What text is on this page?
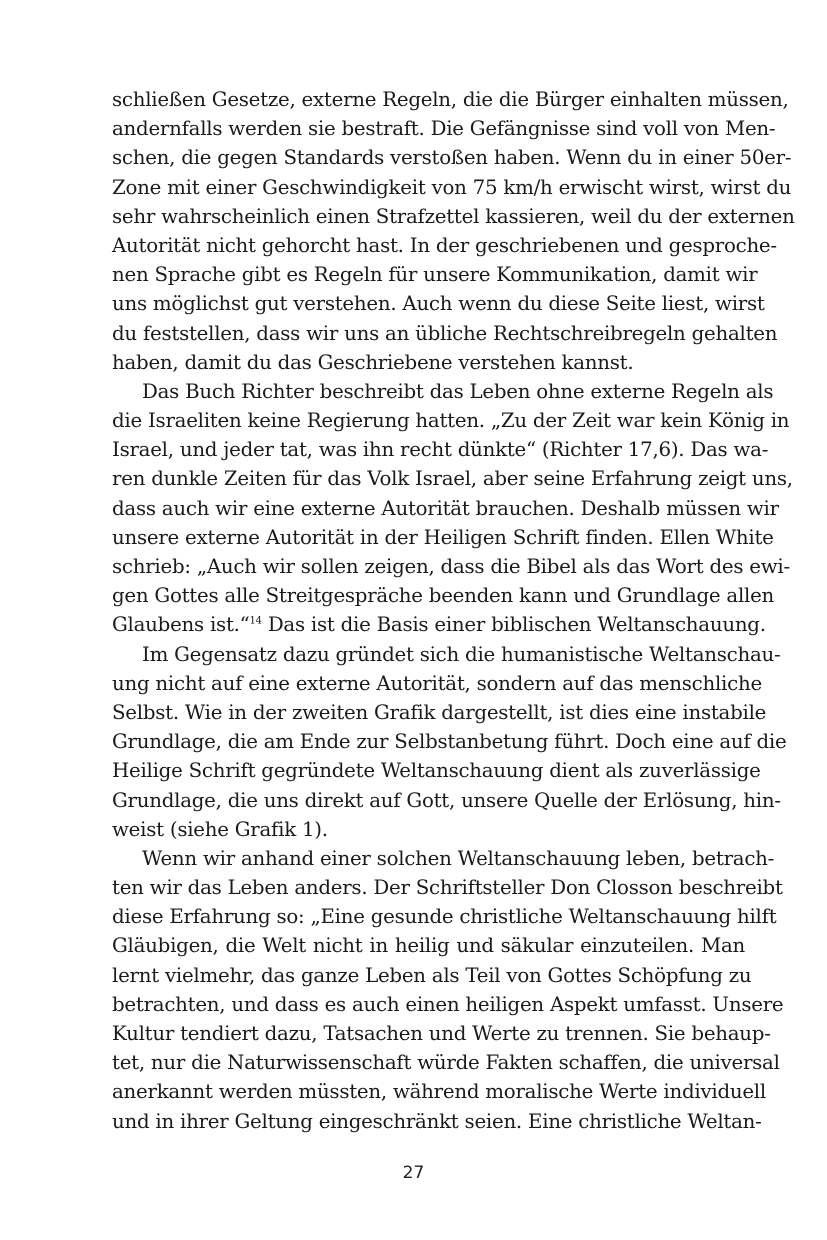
schließen Gesetze, externe Regeln, die die Bürger einhalten müssen,
andernfalls werden sie bestraft. Die Gefängnisse sind voll von Men-
schen, die gegen Standards verstoßen haben. Wenn du in einer 50er-
Zone mit einer Geschwindigkeit von 75 km/h erwischt wirst, wirst du
sehr wahrscheinlich einen Strafzettel kassieren, weil du der externen
Autorität nicht gehorcht hast. In der geschriebenen und gesproche-
nen Sprache gibt es Regeln für unsere Kommunikation, damit wir
uns möglichst gut verstehen. Auch wenn du diese Seite liest, wirst
du feststellen, dass wir uns an übliche Rechtschreibregeln gehalten
haben, damit du das Geschriebene verstehen kannst.
Das Buch Richter beschreibt das Leben ohne externe Regeln als
die Israeliten keine Regierung hatten. „Zu der Zeit war kein König in
Israel, und jeder tat, was ihn recht dünkte“ (Richter 17,6). Das wa-
ren dunkle Zeiten für das Volk Israel, aber seine Erfahrung zeigt uns,
dass auch wir eine externe Autorität brauchen. Deshalb müssen wir
unsere externe Autorität in der Heiligen Schrift finden. Ellen White
schrieb: „Auch wir sollen zeigen, dass die Bibel als das Wort des ewi-
gen Gottes alle Streitgespräche beenden kann und Grundlage allen
Glaubens ist.“$^{14}$ Das ist die Basis einer biblischen Weltanschauung.
Im Gegensatz dazu gründet sich die humanistische Weltanschau-
ung nicht auf eine externe Autorität, sondern auf das menschliche
Selbst. Wie in der zweiten Grafik dargestellt, ist dies eine instabile
Grundlage, die am Ende zur Selbstanbetung führt. Doch eine auf die
Heilige Schrift gegründete Weltanschauung dient als zuverlässige
Grundlage, die uns direkt auf Gott, unsere Quelle der Erlösung, hin-
weist (siehe Grafik 1).
Wenn wir anhand einer solchen Weltanschauung leben, betrach-
ten wir das Leben anders. Der Schriftsteller Don Closson beschreibt
diese Erfahrung so: „Eine gesunde christliche Weltanschauung hilft
Gläubigen, die Welt nicht in heilig und säkular einzuteilen. Man
lernt vielmehr, das ganze Leben als Teil von Gottes Schöpfung zu
betrachten, und dass es auch einen heiligen Aspekt umfasst. Unsere
Kultur tendiert dazu, Tatsachen und Werte zu trennen. Sie behaup-
tet, nur die Naturwissenschaft würde Fakten schaffen, die universal
anerkannt werden müssten, während moralische Werte individuell
und in ihrer Geltung eingeschränkt seien. Eine christliche Weltan-
27
